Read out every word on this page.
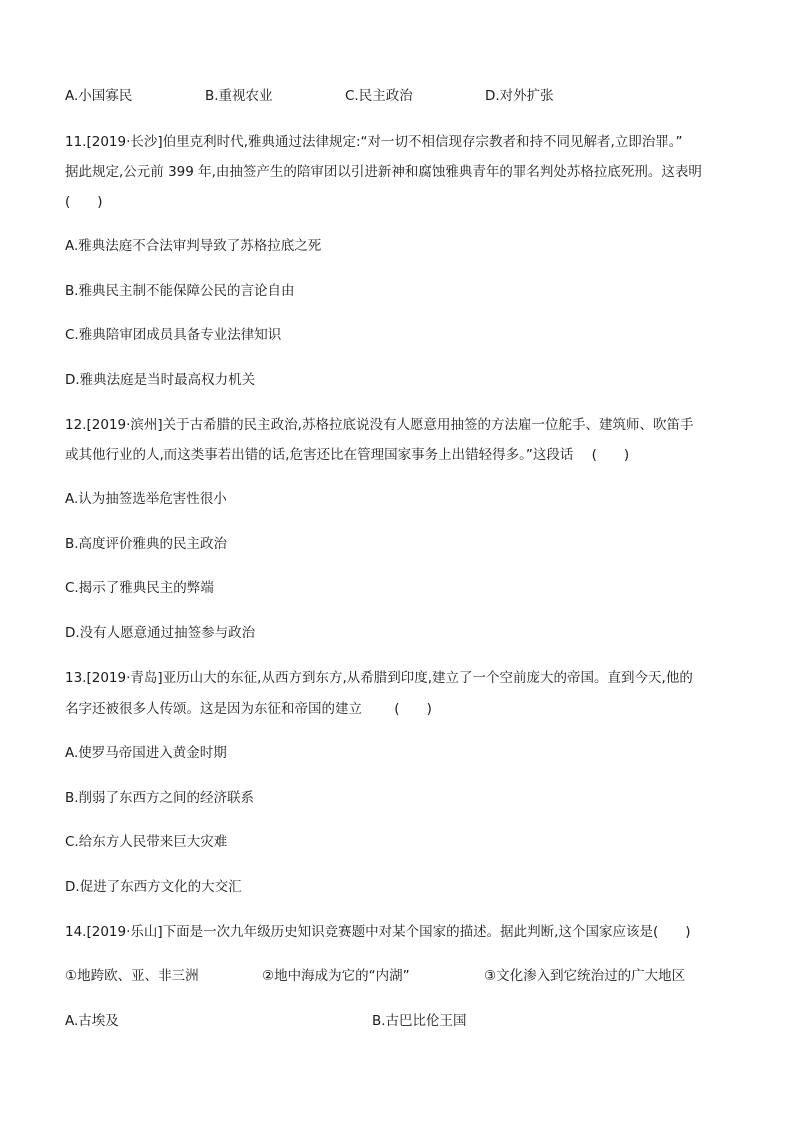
A.小国寡民	B.重视农业	C.民主政治	D.对外扩张
11.[2019·长沙]伯里克利时代,雅典通过法律规定:“对一切不相信现存宗教者和持不同见解者,立即治罪。”
据此规定,公元前 399 年,由抽签产生的陪审团以引进新神和腐蚀雅典青年的罪名判处苏格拉底死刑。这表明
(　　)
A.雅典法庭不合法审判导致了苏格拉底之死
B.雅典民主制不能保障公民的言论自由
C.雅典陪审团成员具备专业法律知识
D.雅典法庭是当时最高权力机关
12.[2019·滨州]关于古希腊的民主政治,苏格拉底说没有人愿意用抽签的方法雇一位舵手、建筑师、吹笛手
或其他行业的人,而这类事若出错的话,危害还比在管理国家事务上出错轻得多。”这段话 (　　)
A.认为抽签选举危害性很小
B.高度评价雅典的民主政治
C.揭示了雅典民主的弊端
D.没有人愿意通过抽签参与政治
13.[2019·青岛]亚历山大的东征,从西方到东方,从希腊到印度,建立了一个空前庞大的帝国。直到今天,他的
名字还被很多人传颂。这是因为东征和帝国的建立 (　　)
A.使罗马帝国进入黄金时期
B.削弱了东西方之间的经济联系
C.给东方人民带来巨大灾难
D.促进了东西方文化的大交汇
14.[2019·乐山]下面是一次九年级历史知识竞赛题中对某个国家的描述。据此判断,这个国家应该是(　　)
①地跨欧、亚、非三洲	②地中海成为它的“内湖”	③文化渗入到它统治过的广大地区
A.古埃及	B.古巴比伦王国
